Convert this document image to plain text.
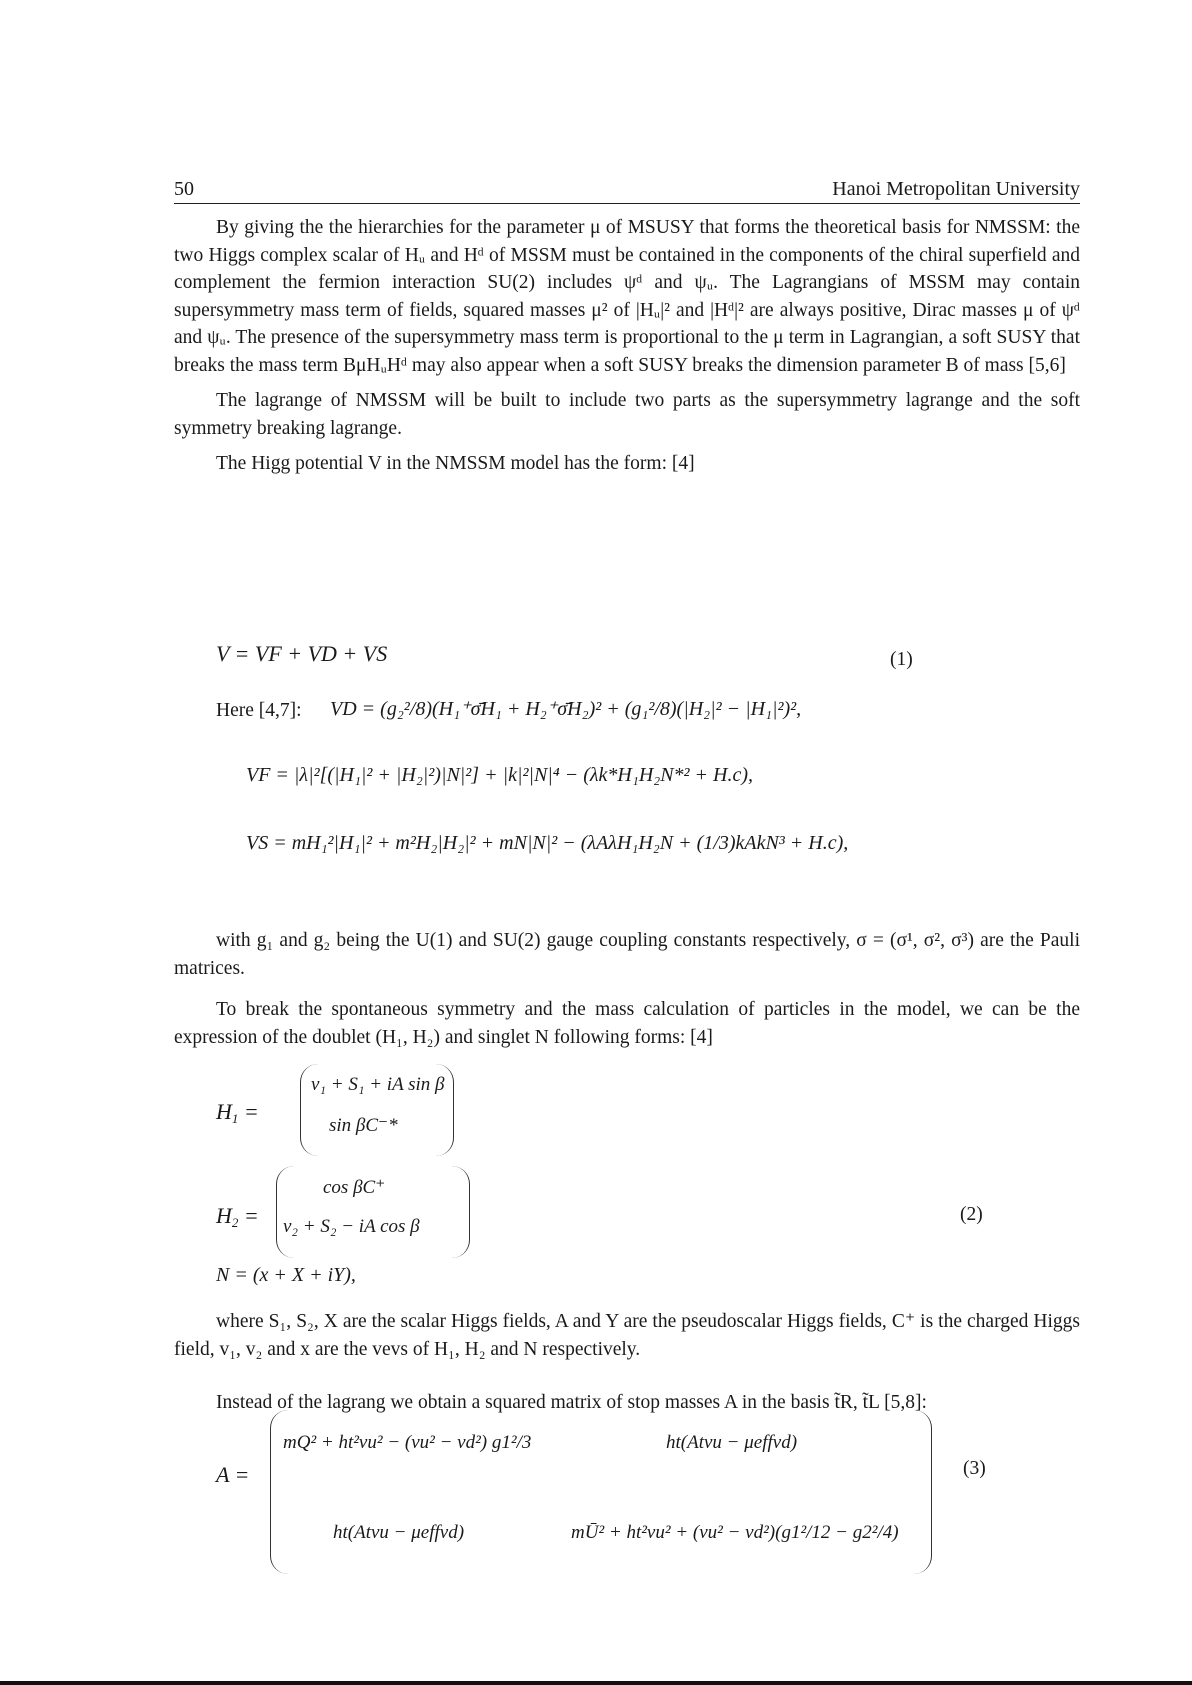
50	Hanoi Metropolitan University

By giving the the hierarchies for the parameter μ of MSUSY that forms the theoretical basis for NMSSM: the two Higgs complex scalar of Hᵤ and Hᵈ of MSSM must be contained in the components of the chiral superfield and complement the fermion interaction SU(2) includes ψᵈ and ψᵤ. The Lagrangians of MSSM may contain supersymmetry mass term of fields, squared masses μ² of |Hᵤ|² and |Hᵈ|² are always positive, Dirac masses μ of ψᵈ and ψᵤ. The presence of the supersymmetry mass term is proportional to the μ term in Lagrangian, a soft SUSY that breaks the mass term BμHᵤHᵈ may also appear when a soft SUSY breaks the dimension parameter B of mass [5,6]

The lagrange of NMSSM will be built to include two parts as the supersymmetry lagrange and the soft symmetry breaking lagrange.

The Higg potential V in the NMSSM model has the form: [4]

V = VF + VD + VS	(1)
Here [4,7]: VD = (g₂²/8)(H₁⁺σ̄H₁ + H₂⁺σ̄H₂)² + (g₁²/8)(|H₂|² − |H₁|²)²,
VF = |λ|²[(|H₁|² + |H₂|²)|N|²] + |k|²|N|⁴ − (λk*H₁H₂N*² + H.c),
VS = mH₁²|H₁|² + m²H₂|H₂|² + mN|N|² − (λAλH₁H₂N + (1/3)kAkN³ + H.c),

with g₁ and g₂ being the U(1) and SU(2) gauge coupling constants respectively, σ = (σ¹, σ², σ³) are the Pauli matrices.

To break the spontaneous symmetry and the mass calculation of particles in the model, we can be the expression of the doublet (H₁, H₂) and singlet N following forms: [4]

$H_1$ =
v₁ + S₁ + iA sin β
sin βC⁻*
$H_2$ =
cos βC⁺
v₂ + S₂ − iA cos β
(2)
N = (x + X + iY),

where S₁, S₂, X are the scalar Higgs fields, A and Y are the pseudoscalar Higgs fields, C⁺ is the charged Higgs field, v₁, v₂ and x are the vevs of H₁, H₂ and N respectively.

Instead of the lagrang we obtain a squared matrix of stop masses A in the basis t̃R, t̃L [5,8]:

A =
mQ² + ht²vu² − (vu² − vd²) g1²/3	ht(Atvu − μeffvd)
ht(Atvu − μeffvd)	mŪ² + ht²vu² + (vu² − vd²)(g1²/12 − g2²/4)
(3)
